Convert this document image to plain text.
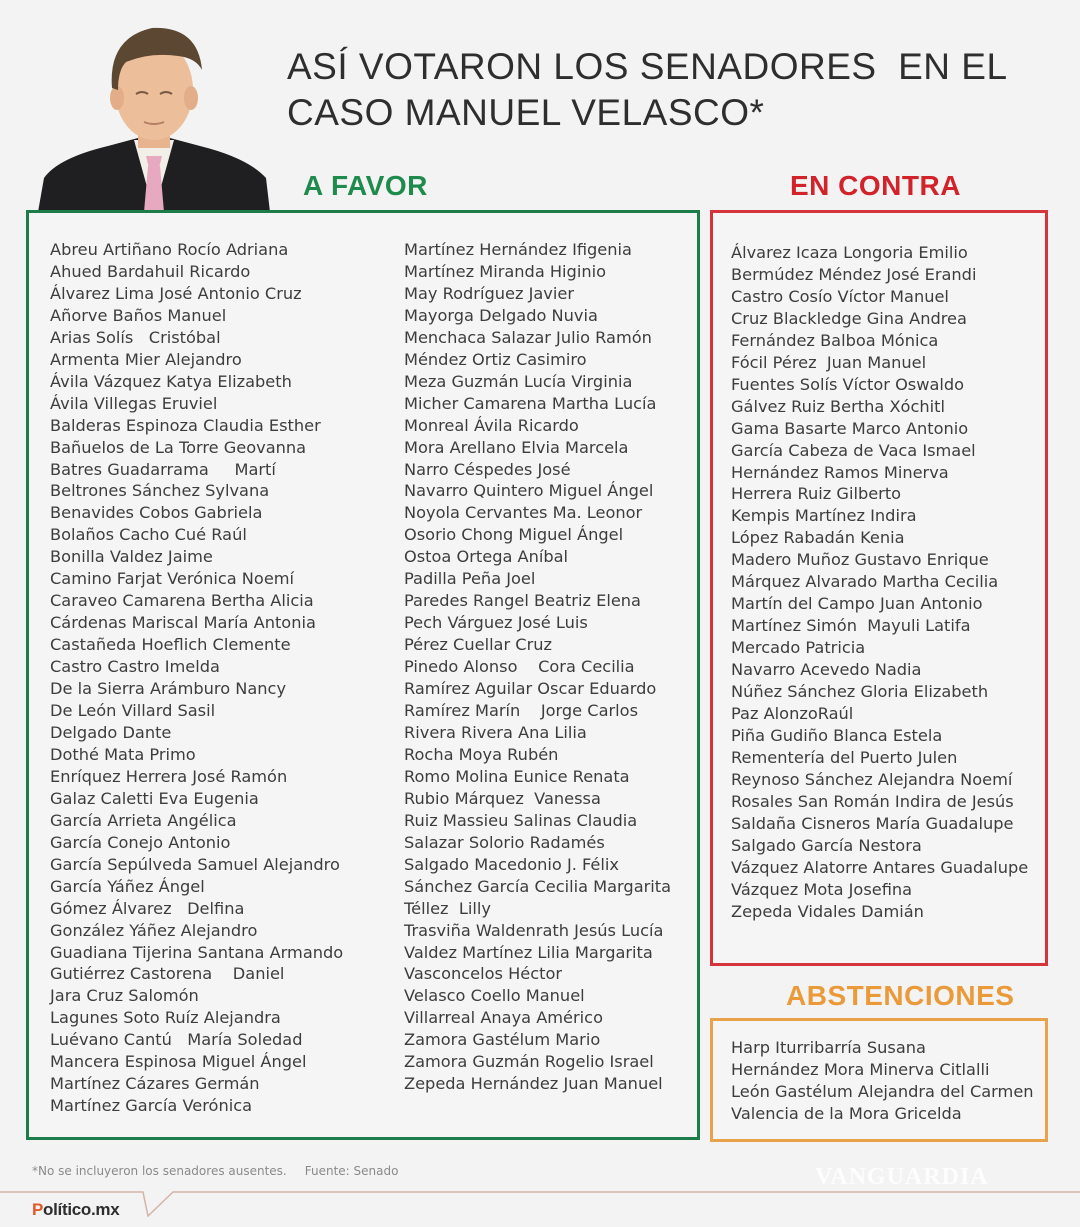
ASÍ VOTARON LOS SENADORES  EN EL
CASO MANUEL VELASCO*
A FAVOR	EN CONTRA
ABSTENCIONES
Abreu Artiñano Rocío Adriana
Ahued Bardahuil Ricardo
Álvarez Lima José Antonio Cruz
Añorve Baños Manuel
Arias Solís   Cristóbal
Armenta Mier Alejandro
Ávila Vázquez Katya Elizabeth
Ávila Villegas Eruviel
Balderas Espinoza Claudia Esther
Bañuelos de La Torre Geovanna
Batres Guadarrama     Martí
Beltrones Sánchez Sylvana
Benavides Cobos Gabriela
Bolaños Cacho Cué Raúl
Bonilla Valdez Jaime
Camino Farjat Verónica Noemí
Caraveo Camarena Bertha Alicia
Cárdenas Mariscal María Antonia
Castañeda Hoeflich Clemente
Castro Castro Imelda
De la Sierra Arámburo Nancy
De León Villard Sasil
Delgado Dante
Dothé Mata Primo
Enríquez Herrera José Ramón
Galaz Caletti Eva Eugenia
García Arrieta Angélica
García Conejo Antonio
García Sepúlveda Samuel Alejandro
García Yáñez Ángel
Gómez Álvarez   Delfina
González Yáñez Alejandro
Guadiana Tijerina Santana Armando
Gutiérrez Castorena    Daniel
Jara Cruz Salomón
Lagunes Soto Ruíz Alejandra
Luévano Cantú   María Soledad
Mancera Espinosa Miguel Ángel
Martínez Cázares Germán
Martínez García Verónica
Martínez Hernández Ifigenia
Martínez Miranda Higinio
May Rodríguez Javier
Mayorga Delgado Nuvia
Menchaca Salazar Julio Ramón
Méndez Ortiz Casimiro
Meza Guzmán Lucía Virginia
Micher Camarena Martha Lucía
Monreal Ávila Ricardo
Mora Arellano Elvia Marcela
Narro Céspedes José
Navarro Quintero Miguel Ángel
Noyola Cervantes Ma. Leonor
Osorio Chong Miguel Ángel
Ostoa Ortega Aníbal
Padilla Peña Joel
Paredes Rangel Beatriz Elena
Pech Várguez José Luis
Pérez Cuellar Cruz
Pinedo Alonso    Cora Cecilia
Ramírez Aguilar Oscar Eduardo
Ramírez Marín    Jorge Carlos
Rivera Rivera Ana Lilia
Rocha Moya Rubén
Romo Molina Eunice Renata
Rubio Márquez  Vanessa
Ruiz Massieu Salinas Claudia
Salazar Solorio Radamés
Salgado Macedonio J. Félix
Sánchez García Cecilia Margarita
Téllez  Lilly
Trasviña Waldenrath Jesús Lucía
Valdez Martínez Lilia Margarita
Vasconcelos Héctor
Velasco Coello Manuel
Villarreal Anaya Américo
Zamora Gastélum Mario
Zamora Guzmán Rogelio Israel
Zepeda Hernández Juan Manuel
Álvarez Icaza Longoria Emilio
Bermúdez Méndez José Erandi
Castro Cosío Víctor Manuel
Cruz Blackledge Gina Andrea
Fernández Balboa Mónica
Fócil Pérez  Juan Manuel
Fuentes Solís Víctor Oswaldo
Gálvez Ruiz Bertha Xóchitl
Gama Basarte Marco Antonio
García Cabeza de Vaca Ismael
Hernández Ramos Minerva
Herrera Ruiz Gilberto
Kempis Martínez Indira
López Rabadán Kenia
Madero Muñoz Gustavo Enrique
Márquez Alvarado Martha Cecilia
Martín del Campo Juan Antonio
Martínez Simón  Mayuli Latifa
Mercado Patricia
Navarro Acevedo Nadia
Núñez Sánchez Gloria Elizabeth
Paz AlonzoRaúl
Piña Gudiño Blanca Estela
Rementería del Puerto Julen
Reynoso Sánchez Alejandra Noemí
Rosales San Román Indira de Jesús
Saldaña Cisneros María Guadalupe
Salgado García Nestora
Vázquez Alatorre Antares Guadalupe
Vázquez Mota Josefina
Zepeda Vidales Damián
Harp Iturribarría Susana
Hernández Mora Minerva Citlalli
León Gastélum Alejandra del Carmen
Valencia de la Mora Gricelda
*No se incluyeron los senadores ausentes. Fuente: Senado	VANGUARDIA
Político.mx
